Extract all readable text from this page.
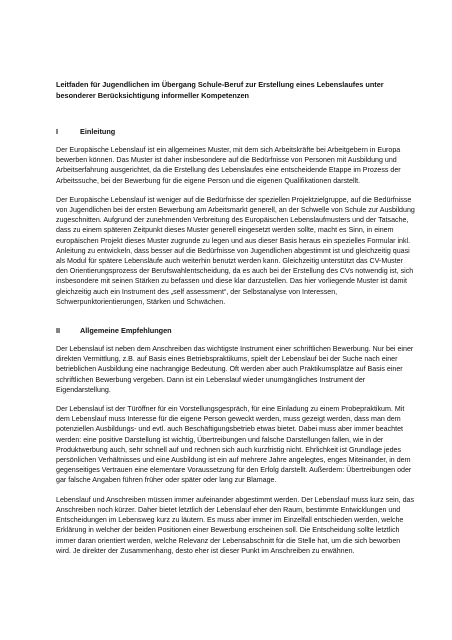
Leitfaden für Jugendlichen im Übergang Schule-Beruf zur Erstellung eines Lebenslaufes unter besonderer Berücksichtigung informeller Kompetenzen
I	Einleitung

Der Europäische Lebenslauf ist ein allgemeines Muster, mit dem sich Arbeitskräfte bei Arbeitgebern in Europa bewerben können. Das Muster ist daher insbesondere auf die Bedürfnisse von Personen mit Ausbildung und Arbeitserfahrung ausgerichtet, da die Erstellung des Lebenslaufes eine entscheidende Etappe im Prozess der Arbeitssuche, bei der Bewerbung für die eigene Person und die eigenen Qualifikationen darstellt.

Der Europäische Lebenslauf ist weniger auf die Bedürfnisse der speziellen Projektzielgruppe, auf die Bedürfnisse von Jugendlichen bei der ersten Bewerbung am Arbeitsmarkt generell, an der Schwelle von Schule zur Ausbildung zugeschnitten. Aufgrund der zunehmenden Verbreitung des Europäischen Lebenslaufmusters und der Tatsache, dass zu einem späteren Zeitpunkt dieses Muster generell eingesetzt werden sollte, macht es Sinn, in einem europäischen Projekt dieses Muster zugrunde zu legen und aus dieser Basis heraus ein spezielles Formular inkl. Anleitung zu entwickeln, dass besser auf die Bedürfnisse von Jugendlichen abgestimmt ist und gleichzeitig quasi als Modul für spätere Lebensläufe auch weiterhin benutzt werden kann. Gleichzeitig unterstützt das CV-Muster den Orientierungsprozess der Berufswahlentscheidung, da es auch bei der Erstellung des CVs notwendig ist, sich insbesondere mit seinen Stärken zu befassen und diese klar darzustellen. Das hier vorliegende Muster ist damit gleichzeitig auch ein Instrument des „self assessment“, der Selbstanalyse von Interessen, Schwerpunktorientierungen, Stärken und Schwächen.

II	Allgemeine Empfehlungen

Der Lebenslauf ist neben dem Anschreiben das wichtigste Instrument einer schriftlichen Bewerbung. Nur bei einer direkten Vermittlung, z.B. auf Basis eines Betriebspraktikums, spielt der Lebenslauf bei der Suche nach einer betrieblichen Ausbildung eine nachrangige Bedeutung. Oft werden aber auch Praktikumsplätze auf Basis einer schriftlichen Bewerbung vergeben. Dann ist ein Lebenslauf wieder unumgängliches Instrument der Eigendarstellung.

Der Lebenslauf ist der Türöffner für ein Vorstellungsgespräch, für eine Einladung zu einem Probepraktikum. Mit dem Lebenslauf muss Interesse für die eigene Person geweckt werden, muss gezeigt werden, dass man dem potenziellen Ausbildungs- und evtl. auch Beschäftigungsbetrieb etwas bietet. Dabei muss aber immer beachtet werden: eine positive Darstellung ist wichtig, Übertreibungen und falsche Darstellungen fallen, wie in der Produktwerbung auch, sehr schnell auf und rechnen sich auch kurzfristig nicht. Ehrlichkeit ist Grundlage jedes persönlichen Verhältnisses und eine Ausbildung ist ein auf mehrere Jahre angelegtes, enges Miteinander, in dem gegenseitiges Vertrauen eine elementare Voraussetzung für den Erfolg darstellt. Außerdem: Übertreibungen oder gar falsche Angaben führen früher oder später oder lang zur Blamage.

Lebenslauf und Anschreiben müssen immer aufeinander abgestimmt werden. Der Lebenslauf muss kurz sein, das Anschreiben noch kürzer. Daher bietet letztlich der Lebenslauf eher den Raum, bestimmte Entwicklungen und Entscheidungen im Lebensweg kurz zu läutern. Es muss aber immer im Einzelfall entschieden werden, welche Erklärung in welcher der beiden Positionen einer Bewerbung erscheinen soll. Die Entscheidung sollte letztlich immer daran orientiert werden, welche Relevanz der Lebensabschnitt für die Stelle hat, um die sich beworben wird. Je direkter der Zusammenhang, desto eher ist dieser Punkt im Anschreiben zu erwähnen.
